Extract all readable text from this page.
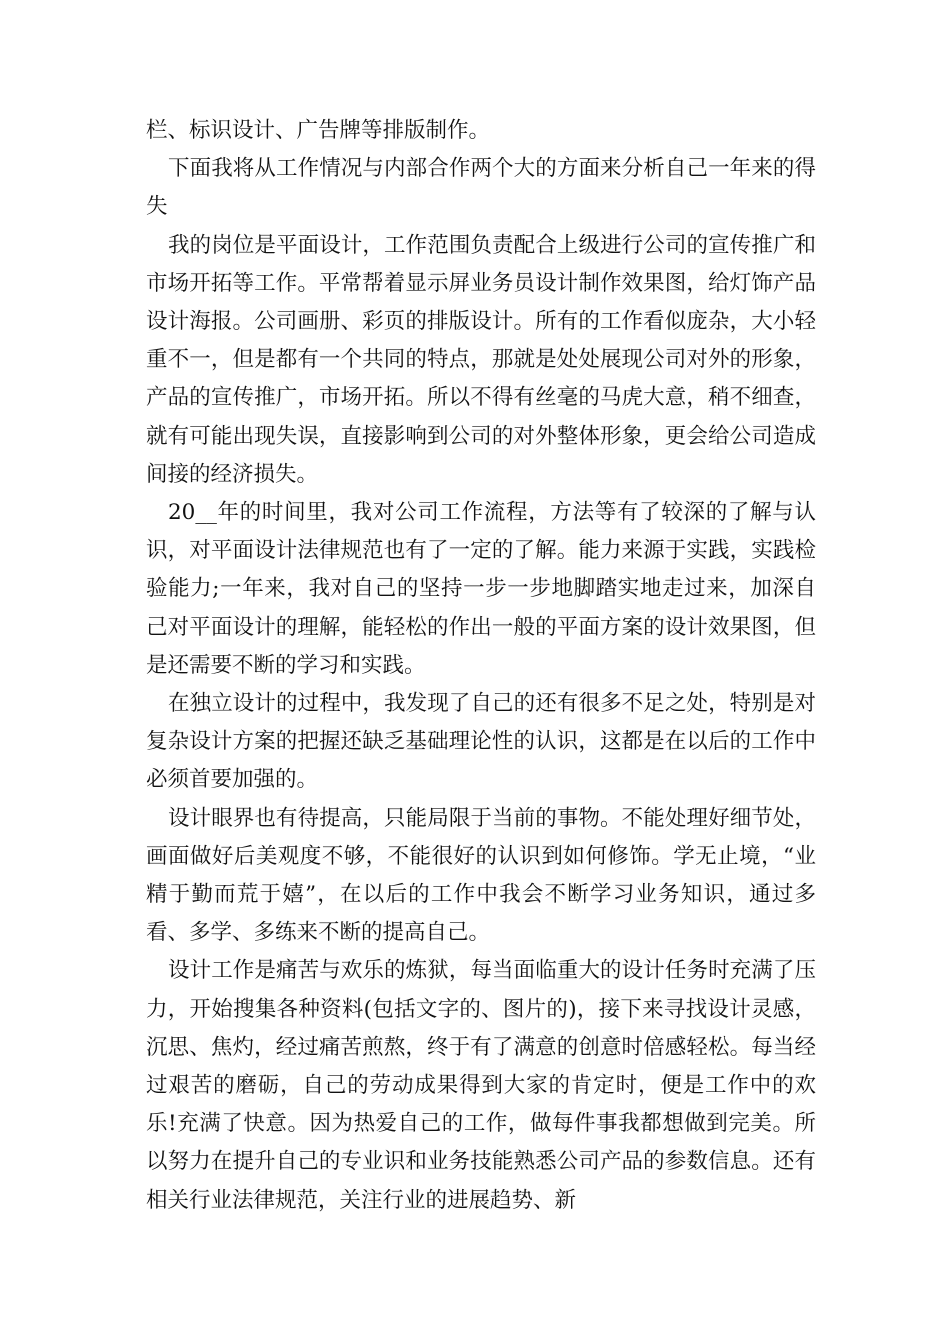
栏、标识设计、广告牌等排版制作。

下面我将从工作情况与内部合作两个大的方面来分析自己一年来的得失

我的岗位是平面设计，工作范围负责配合上级进行公司的宣传推广和市场开拓等工作。平常帮着显示屏业务员设计制作效果图，给灯饰产品设计海报。公司画册、彩页的排版设计。所有的工作看似庞杂，大小轻重不一，但是都有一个共同的特点，那就是处处展现公司对外的形象，产品的宣传推广，市场开拓。所以不得有丝毫的马虎大意，稍不细查，就有可能出现失误，直接影响到公司的对外整体形象，更会给公司造成间接的经济损失。

20__年的时间里，我对公司工作流程，方法等有了较深的了解与认识，对平面设计法律规范也有了一定的了解。能力来源于实践，实践检验能力;一年来，我对自己的坚持一步一步地脚踏实地走过来，加深自己对平面设计的理解，能轻松的作出一般的平面方案的设计效果图，但是还需要不断的学习和实践。

在独立设计的过程中，我发现了自己的还有很多不足之处，特别是对复杂设计方案的把握还缺乏基础理论性的认识，这都是在以后的工作中必须首要加强的。

设计眼界也有待提高，只能局限于当前的事物。不能处理好细节处，画面做好后美观度不够，不能很好的认识到如何修饰。学无止境，“业精于勤而荒于嬉”，在以后的工作中我会不断学习业务知识，通过多看、多学、多练来不断的提高自己。

设计工作是痛苦与欢乐的炼狱，每当面临重大的设计任务时充满了压力，开始搜集各种资料(包括文字的、图片的)，接下来寻找设计灵感，沉思、焦灼，经过痛苦煎熬，终于有了满意的创意时倍感轻松。每当经过艰苦的磨砺，自己的劳动成果得到大家的肯定时，便是工作中的欢乐!充满了快意。因为热爱自己的工作，做每件事我都想做到完美。所以努力在提升自己的专业识和业务技能熟悉公司产品的参数信息。还有相关行业法律规范，关注行业的进展趋势、新
